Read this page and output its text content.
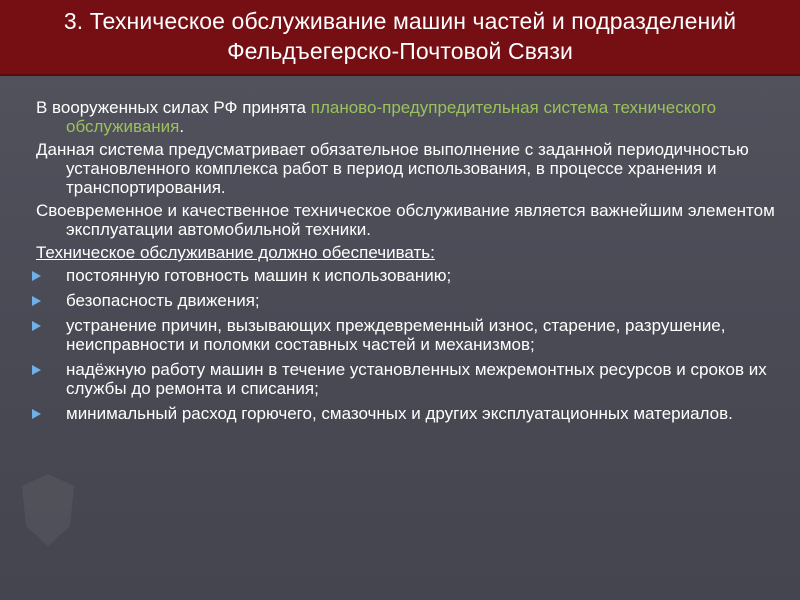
3. Техническое обслуживание машин частей и подразделений
Фельдъегерско-Почтовой Связи

В вооруженных силах РФ принята планово-предупредительная система технического обслуживания.

Данная система предусматривает обязательное выполнение с заданной периодичностью установленного комплекса работ в период использования, в процессе хранения и транспортирования.

Своевременное и качественное техническое обслуживание является важнейшим элементом эксплуатации автомобильной техники.

Техническое обслуживание должно обеспечивать:

постоянную готовность машин к использованию;
безопасность движения;
устранение причин, вызывающих преждевременный износ, старение, разрушение, неисправности и поломки составных частей и механизмов;
надёжную работу машин в течение установленных межремонтных ресурсов и сроков их службы до ремонта и списания;
минимальный расход горючего, смазочных и других эксплуатационных материалов.
